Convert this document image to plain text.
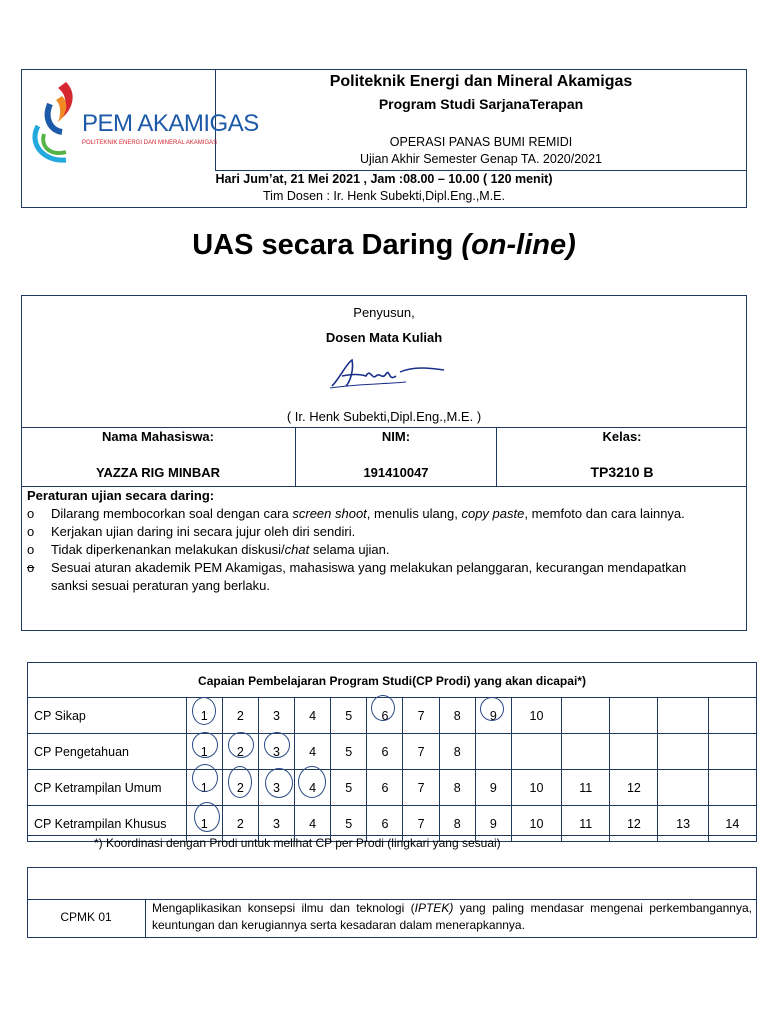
PEM AKAMIGAS
POLITEKNIK ENERGI DAN MINERAL AKAMIGAS
Politeknik Energi dan Mineral Akamigas
Program Studi SarjanaTerapan
OPERASI PANAS BUMI REMIDI
Ujian Akhir Semester Genap TA. 2020/2021
Hari Jum’at, 21 Mei 2021 , Jam :08.00 – 10.00 ( 120 menit)
Tim Dosen : Ir. Henk Subekti,Dipl.Eng.,M.E.
UAS secara Daring (on-line)
Penyusun,
Dosen Mata Kuliah
( Ir. Henk Subekti,Dipl.Eng.,M.E. )
Nama Mahasiswa:
YAZZA RIG MINBAR
NIM:
191410047
Kelas:
TP3210 B
Peraturan ujian secara daring:
o Dilarang membocorkan soal dengan cara screen shoot, menulis ulang, copy paste, memfoto dan cara lainnya.
o Kerjakan ujian daring ini secara jujur oleh diri sendiri.
o Tidak diperkenankan melakukan diskusi/chat selama ujian.
o Sesuai aturan akademik PEM Akamigas, mahasiswa yang melakukan pelanggaran, kecurangan mendapatkan sanksi sesuai peraturan yang berlaku.
Capaian Pembelajaran Program Studi(CP Prodi) yang akan dicapai*)
CP Sikap	1	2	3	4	5	6	7	8	9	10				
CP Pengetahuan	1	2	3	4	5	6	7	8						
CP Ketrampilan Umum	1	2	3	4	5	6	7	8	9	10	11	12		
CP Ketrampilan Khusus	1	2	3	4	5	6	7	8	9	10	11	12	13	14
*) Koordinasi dengan Prodi untuk melihat CP per Prodi (lingkari yang sesuai)
CPMK 01
Mengaplikasikan konsepsi ilmu dan teknologi (IPTEK) yang paling mendasar mengenai perkembangannya, keuntungan dan kerugiannya serta kesadaran dalam menerapkannya.
